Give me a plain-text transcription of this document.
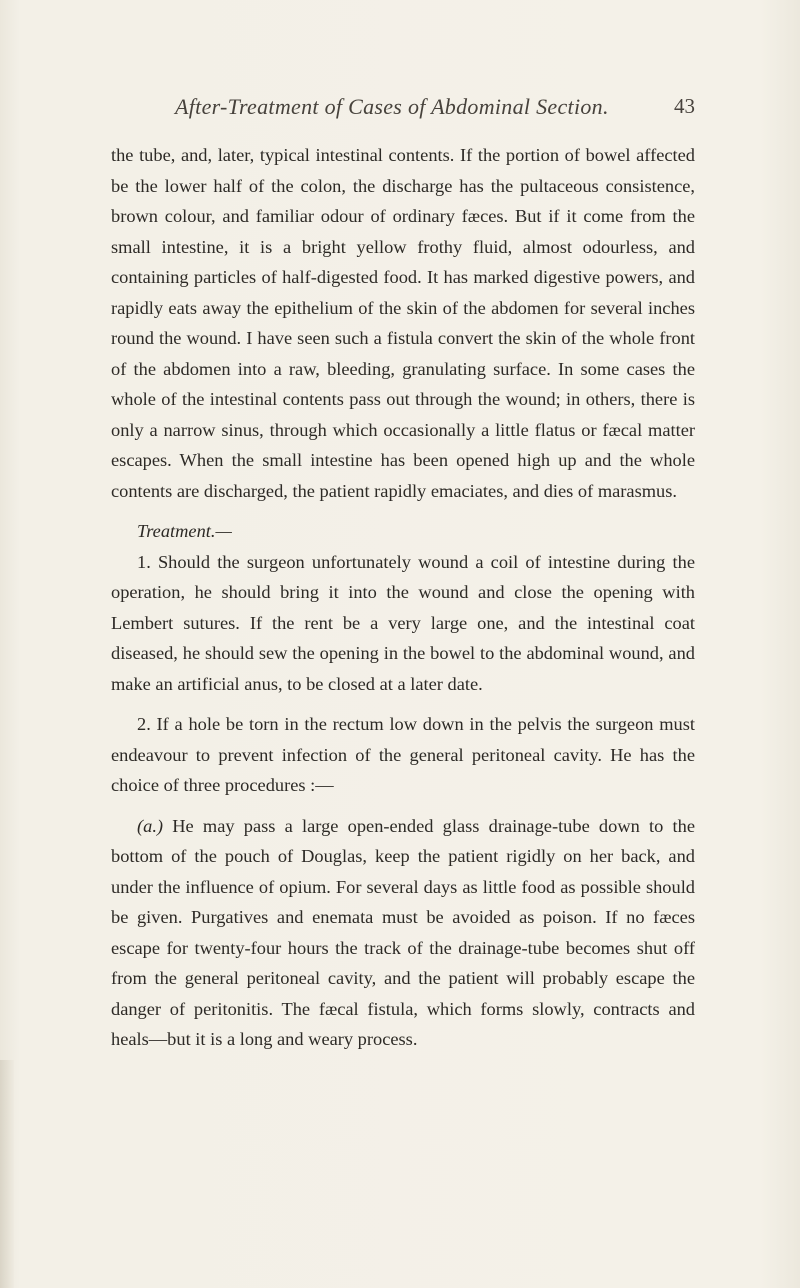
After-Treatment of Cases of Abdominal Section.	43

the tube, and, later, typical intestinal contents. If the portion of bowel affected be the lower half of the colon, the discharge has the pultaceous consistence, brown colour, and familiar odour of ordinary fæces. But if it come from the small intestine, it is a bright yellow frothy fluid, almost odourless, and containing particles of half-digested food. It has marked digestive powers, and rapidly eats away the epithelium of the skin of the abdomen for several inches round the wound. I have seen such a fistula convert the skin of the whole front of the abdomen into a raw, bleeding, granulating surface. In some cases the whole of the intestinal contents pass out through the wound; in others, there is only a narrow sinus, through which occasionally a little flatus or fæcal matter escapes. When the small intestine has been opened high up and the whole contents are discharged, the patient rapidly emaciates, and dies of marasmus.

Treatment.—

1. Should the surgeon unfortunately wound a coil of intestine during the operation, he should bring it into the wound and close the opening with Lembert sutures. If the rent be a very large one, and the intestinal coat diseased, he should sew the opening in the bowel to the abdominal wound, and make an artificial anus, to be closed at a later date.

2. If a hole be torn in the rectum low down in the pelvis the surgeon must endeavour to prevent infection of the general peritoneal cavity. He has the choice of three procedures :—

(a.) He may pass a large open-ended glass drainage-tube down to the bottom of the pouch of Douglas, keep the patient rigidly on her back, and under the influence of opium. For several days as little food as possible should be given. Purgatives and enemata must be avoided as poison. If no fæces escape for twenty-four hours the track of the drainage-tube becomes shut off from the general peritoneal cavity, and the patient will probably escape the danger of peritonitis. The fæcal fistula, which forms slowly, contracts and heals—but it is a long and weary process.
